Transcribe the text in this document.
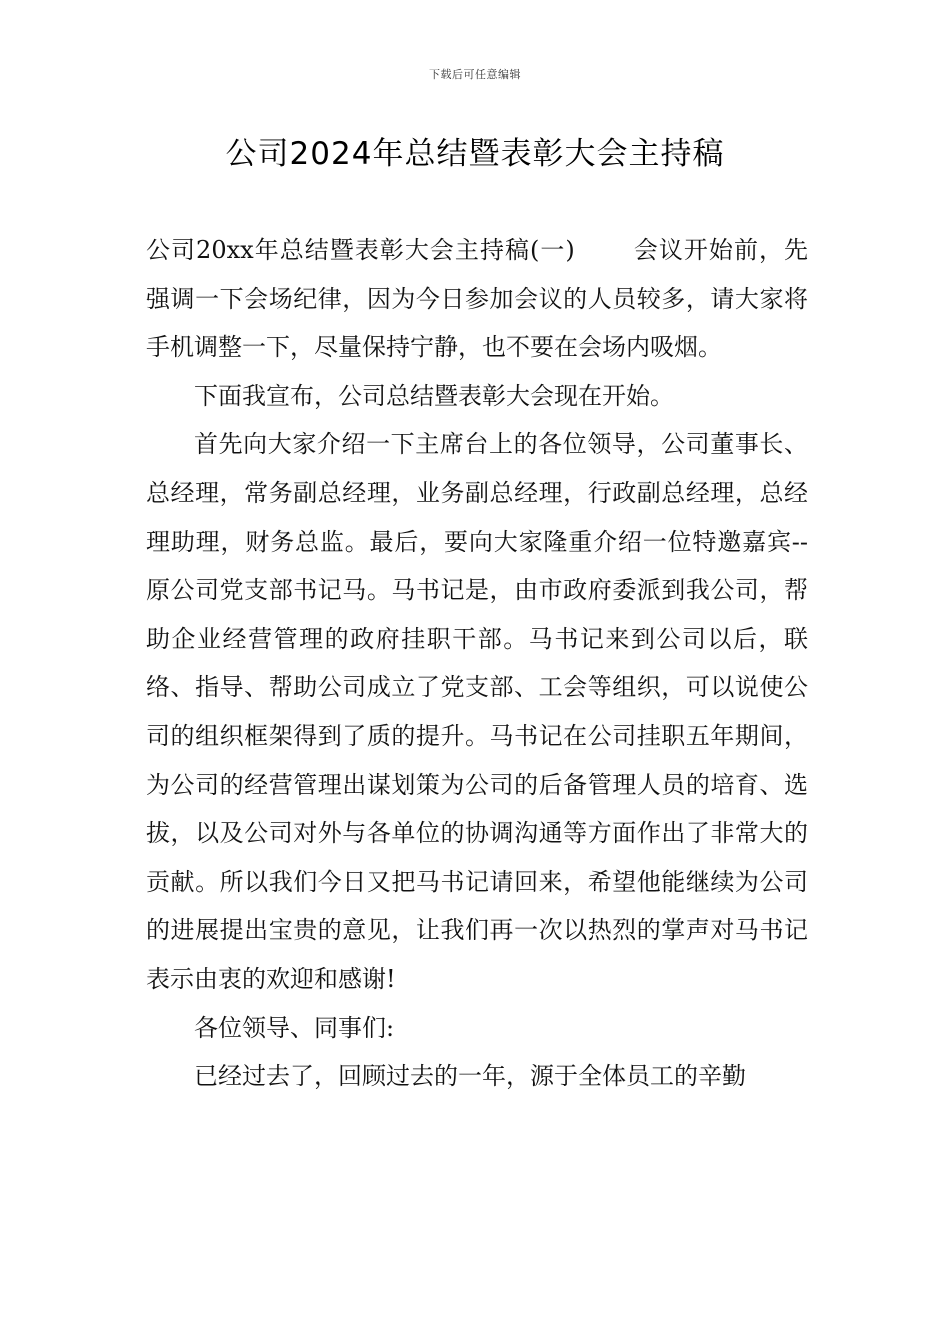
下载后可任意编辑
公司2024年总结暨表彰大会主持稿

公司20xx年总结暨表彰大会主持稿(一) 会议开始前，先强调一下会场纪律，因为今日参加会议的人员较多，请大家将手机调整一下，尽量保持宁静，也不要在会场内吸烟。

下面我宣布，公司总结暨表彰大会现在开始。

首先向大家介绍一下主席台上的各位领导，公司董事长、总经理，常务副总经理，业务副总经理，行政副总经理，总经理助理，财务总监。最后，要向大家隆重介绍一位特邀嘉宾--原公司党支部书记马。马书记是，由市政府委派到我公司，帮助企业经营管理的政府挂职干部。马书记来到公司以后，联络、指导、帮助公司成立了党支部、工会等组织，可以说使公司的组织框架得到了质的提升。马书记在公司挂职五年期间，为公司的经营管理出谋划策为公司的后备管理人员的培育、选拔，以及公司对外与各单位的协调沟通等方面作出了非常大的贡献。所以我们今日又把马书记请回来，希望他能继续为公司的进展提出宝贵的意见，让我们再一次以热烈的掌声对马书记表示由衷的欢迎和感谢!

各位领导、同事们:

已经过去了，回顾过去的一年，源于全体员工的辛勤
